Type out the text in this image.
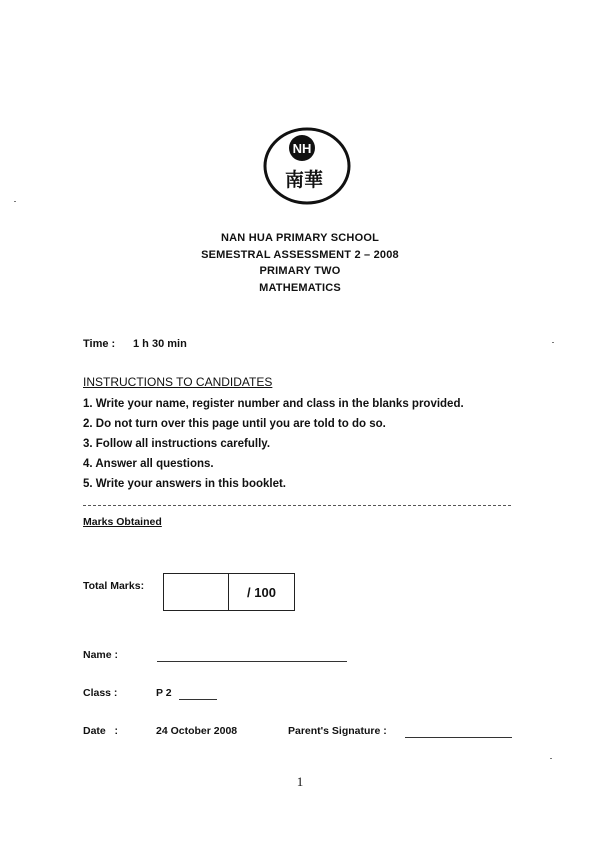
NH
南華
NAN HUA PRIMARY SCHOOL
SEMESTRAL ASSESSMENT 2 – 2008
PRIMARY TWO
MATHEMATICS
Time : 1 h 30 min
INSTRUCTIONS TO CANDIDATES
1. Write your name, register number and class in the blanks provided.
2. Do not turn over this page until you are told to do so.
3. Follow all instructions carefully.
4. Answer all questions.
5. Write your answers in this booklet.
Marks Obtained
Total Marks:	/ 100
Name :
Class :	P 2
Date   :	24 October 2008	Parent's Signature :
1
